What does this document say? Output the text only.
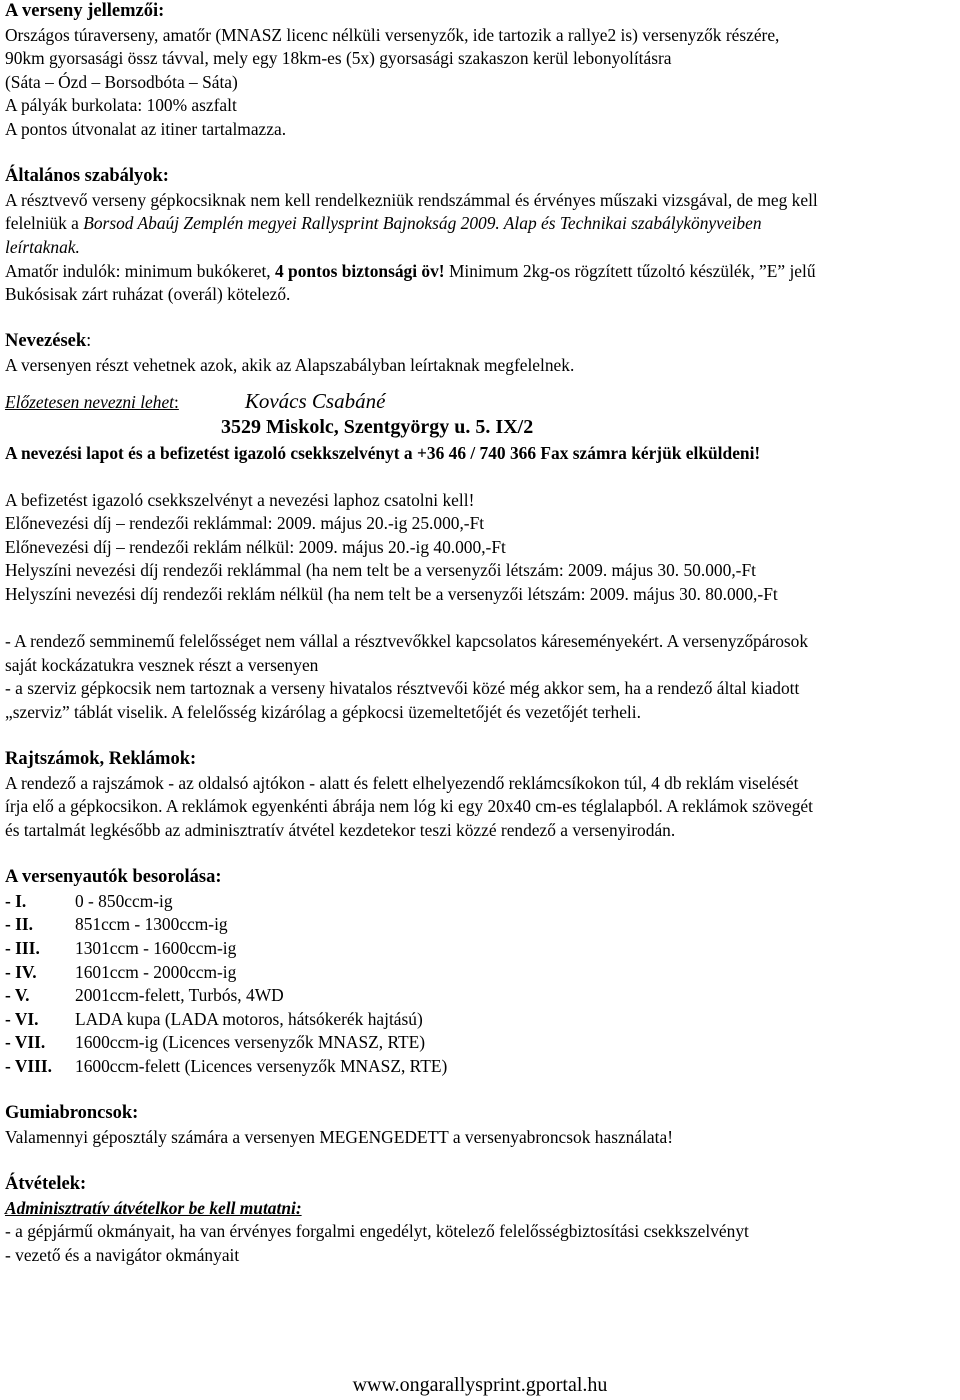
A verseny jellemzői:
Országos túraverseny, amatőr (MNASZ licenc nélküli versenyzők, ide tartozik a rallye2 is) versenyzők részére,
90km gyorsasági össz távval, mely egy 18km-es (5x) gyorsasági szakaszon kerül lebonyolításra
(Sáta – Ózd – Borsodbóta – Sáta)
A pályák burkolata: 100% aszfalt
A pontos útvonalat az itiner tartalmazza.
Általános szabályok:
A résztvevő verseny gépkocsiknak nem kell rendelkezniük rendszámmal és érvényes műszaki vizsgával, de meg kell
felelniük a Borsod Abaúj Zemplén megyei Rallysprint Bajnokság 2009. Alap és Technikai szabálykönyveiben
leírtaknak.
Amatőr indulók: minimum bukókeret, 4 pontos biztonsági öv! Minimum 2kg-os rögzített tűzoltó készülék, ”E” jelű
Bukósisak zárt ruházat (overál) kötelező.
Nevezések:
A versenyen részt vehetnek azok, akik az Alapszabályban leírtaknak megfelelnek.
Előzetesen nevezni lehet :	Kovács Csabáné
3529 Miskolc, Szentgyörgy u. 5. IX/2
A nevezési lapot és a befizetést igazoló csekkszelvényt a +36 46 / 740 366 Fax számra kérjük elküldeni!
A befizetést igazoló csekkszelvényt a nevezési laphoz csatolni kell!
Előnevezési díj – rendezői reklámmal: 2009. május 20.-ig 25.000,-Ft
Előnevezési díj – rendezői reklám nélkül: 2009. május 20.-ig 40.000,-Ft
Helyszíni nevezési díj rendezői reklámmal (ha nem telt be a versenyzői létszám: 2009. május 30. 50.000,-Ft
Helyszíni nevezési díj rendezői reklám nélkül (ha nem telt be a versenyzői létszám: 2009. május 30. 80.000,-Ft
- A rendező semminemű felelősséget nem vállal a résztvevőkkel kapcsolatos káreseményekért. A versenyzőpárosok
saját kockázatukra vesznek részt a versenyen
- a szerviz gépkocsik nem tartoznak a verseny hivatalos résztvevői közé még akkor sem, ha a rendező által kiadott
„szerviz” táblát viselik. A felelősség kizárólag a gépkocsi üzemeltetőjét és vezetőjét terheli.
Rajtszámok, Reklámok:
A rendező a rajszámok - az oldalsó ajtókon - alatt és felett elhelyezendő reklámcsíkokon túl, 4 db reklám viselését
írja elő a gépkocsikon. A reklámok egyenkénti ábrája nem lóg ki egy 20x40 cm-es téglalapból. A reklámok szövegét
és tartalmát legkésőbb az adminisztratív átvétel kezdetekor teszi közzé rendező a versenyirodán.
A versenyautók besorolása:
- I.	0 - 850ccm-ig
- II.	851ccm - 1300ccm-ig
- III.	1301ccm - 1600ccm-ig
- IV.	1601ccm - 2000ccm-ig
- V.	2001ccm-felett, Turbós, 4WD
- VI.	LADA kupa (LADA motoros, hátsókerék hajtású)
- VII.	1600ccm-ig (Licences versenyzők MNASZ, RTE)
- VIII.	1600ccm-felett (Licences versenyzők MNASZ, RTE)
Gumiabroncsok:
Valamennyi géposztály számára a versenyen MEGENGEDETT a versenyabroncsok használata!
Átvételek:
Adminisztratív átvételkor be kell mutatni:
- a gépjármű okmányait, ha van érvényes forgalmi engedélyt, kötelező felelősségbiztosítási csekkszelvényt
- vezető és a navigátor okmányait
www.ongarallysprint.gportal.hu
